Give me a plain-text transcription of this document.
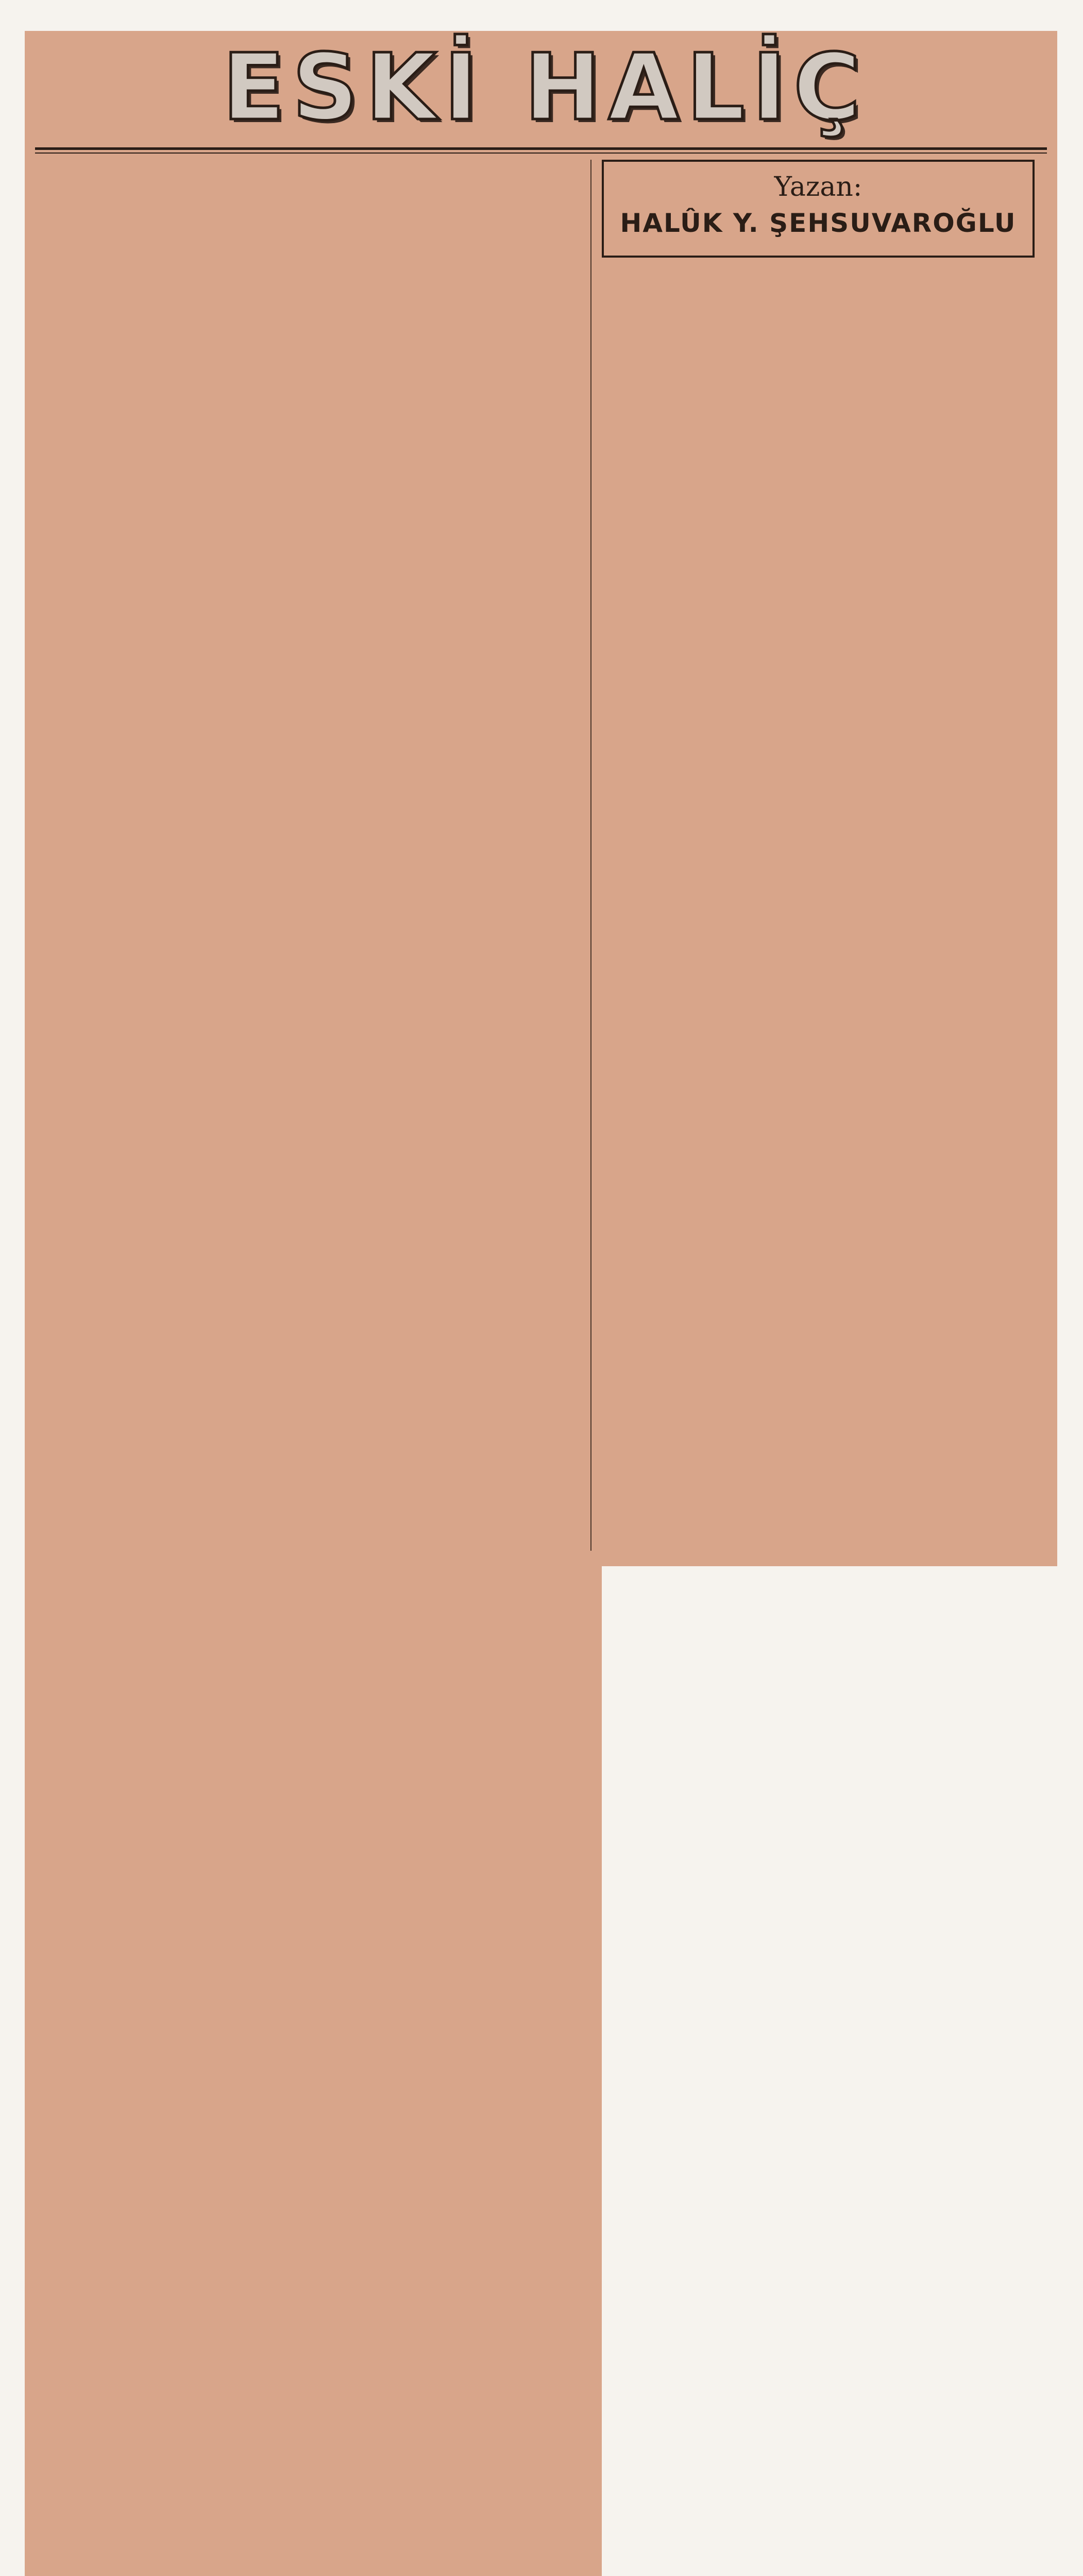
ESKİ HALİÇ
Yazan:
HALÛK Y. ŞEHSUVAROĞLU
